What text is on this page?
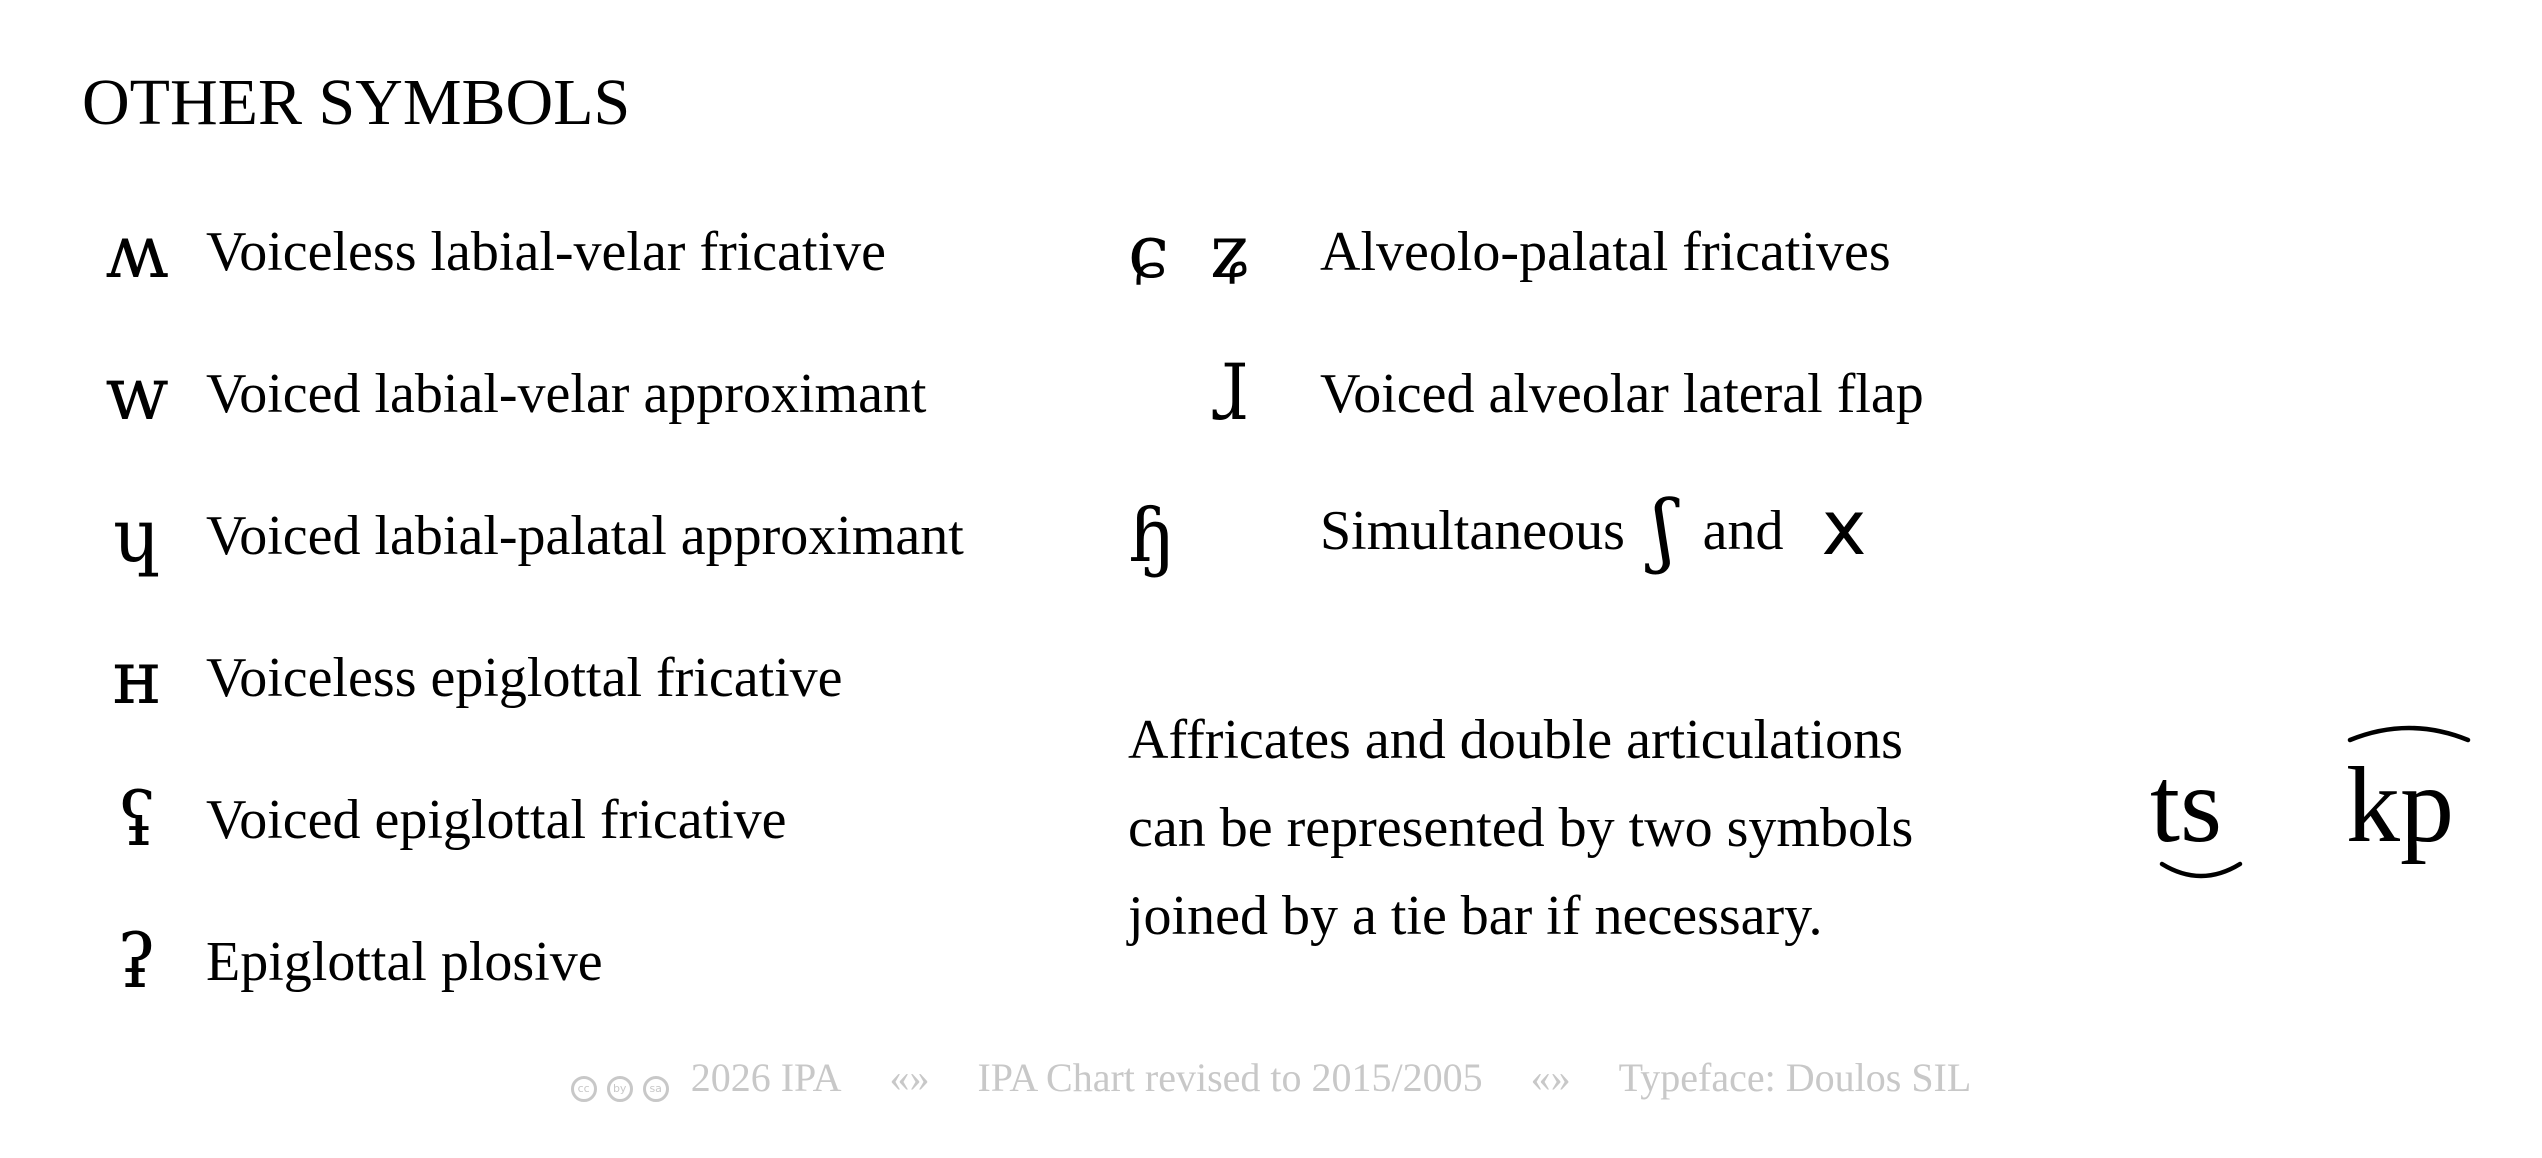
OTHER SYMBOLS
ʍ Voiceless labial-velar fricative
w Voiced labial-velar approximant
ɥ Voiced labial-palatal approximant
ʜ Voiceless epiglottal fricative
ʢ Voiced epiglottal fricative
ʡ Epiglottal plosive
ɕ ʑ	Alveolo-palatal fricatives
ɺ	Voiced alveolar lateral flap
ɧ	Simultaneous ʃ and x
Affricates and double articulations
can be represented by two symbols
joined by a tie bar if necessary.
ts kp
cc by sa 2026 IPA «» IPA Chart revised to 2015/2005 «» Typeface: Doulos SIL
